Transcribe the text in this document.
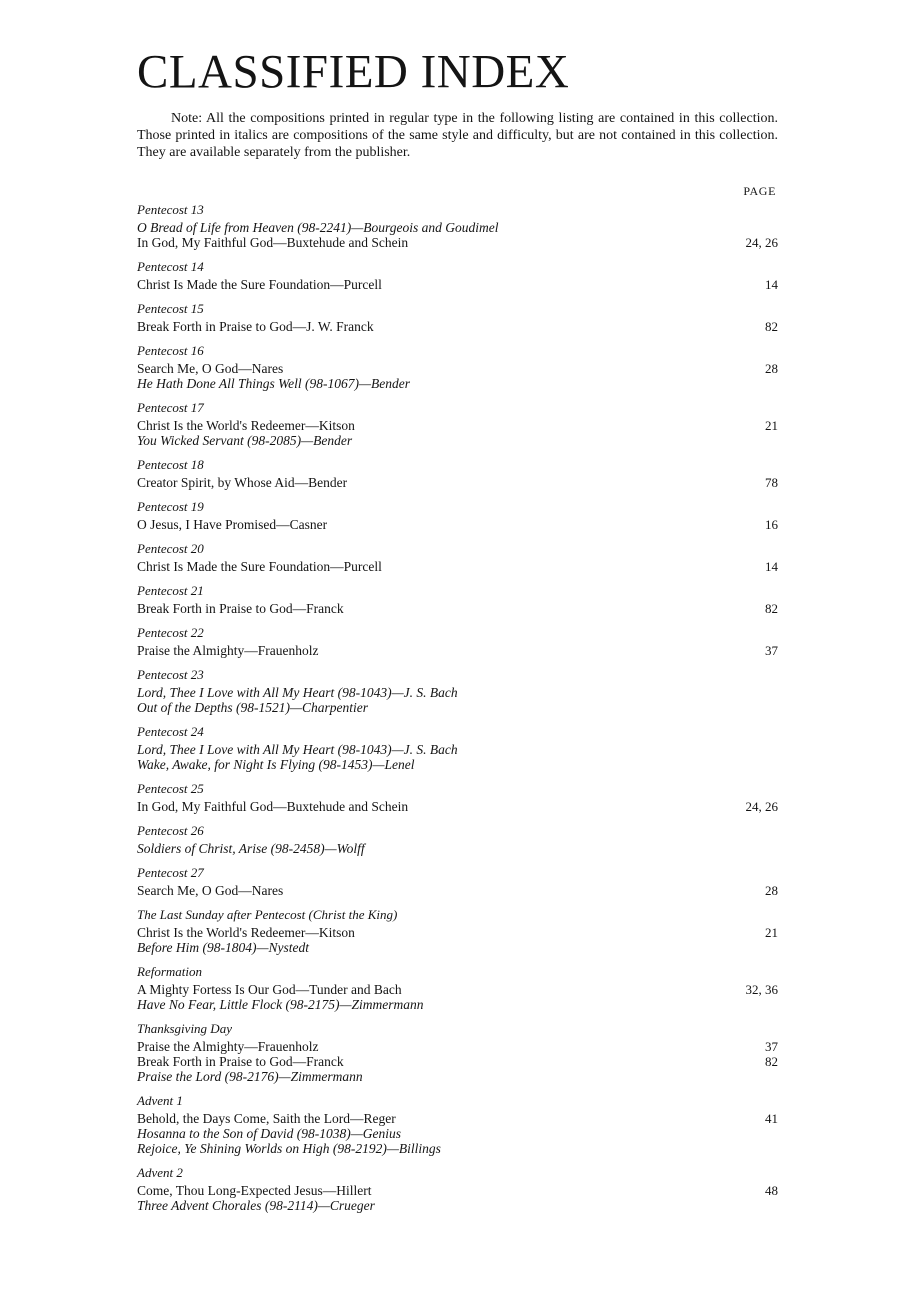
CLASSIFIED INDEX

Note: All the compositions printed in regular type in the following listing are contained in this collection. Those printed in italics are compositions of the same style and difficulty, but are not contained in this collection. They are available separately from the publisher.

PAGE
Pentecost 13
O Bread of Life from Heaven (98-2241)—Bourgeois and Goudimel
In God, My Faithful God—Buxtehude and Schein	24, 26
Pentecost 14
Christ Is Made the Sure Foundation—Purcell	14
Pentecost 15
Break Forth in Praise to God—J. W. Franck	82
Pentecost 16
Search Me, O God—Nares	28
He Hath Done All Things Well (98-1067)—Bender
Pentecost 17
Christ Is the World's Redeemer—Kitson	21
You Wicked Servant (98-2085)—Bender
Pentecost 18
Creator Spirit, by Whose Aid—Bender	78
Pentecost 19
O Jesus, I Have Promised—Casner	16
Pentecost 20
Christ Is Made the Sure Foundation—Purcell	14
Pentecost 21
Break Forth in Praise to God—Franck	82
Pentecost 22
Praise the Almighty—Frauenholz	37
Pentecost 23
Lord, Thee I Love with All My Heart (98-1043)—J. S. Bach
Out of the Depths (98-1521)—Charpentier
Pentecost 24
Lord, Thee I Love with All My Heart (98-1043)—J. S. Bach
Wake, Awake, for Night Is Flying (98-1453)—Lenel
Pentecost 25
In God, My Faithful God—Buxtehude and Schein	24, 26
Pentecost 26
Soldiers of Christ, Arise (98-2458)—Wolff
Pentecost 27
Search Me, O God—Nares	28
The Last Sunday after Pentecost (Christ the King)
Christ Is the World's Redeemer—Kitson	21
Before Him (98-1804)—Nystedt
Reformation
A Mighty Fortess Is Our God—Tunder and Bach	32, 36
Have No Fear, Little Flock (98-2175)—Zimmermann
Thanksgiving Day
Praise the Almighty—Frauenholz	37
Break Forth in Praise to God—Franck	82
Praise the Lord (98-2176)—Zimmermann
Advent 1
Behold, the Days Come, Saith the Lord—Reger	41
Hosanna to the Son of David (98-1038)—Genius
Rejoice, Ye Shining Worlds on High (98-2192)—Billings
Advent 2
Come, Thou Long-Expected Jesus—Hillert	48
Three Advent Chorales (98-2114)—Crueger
